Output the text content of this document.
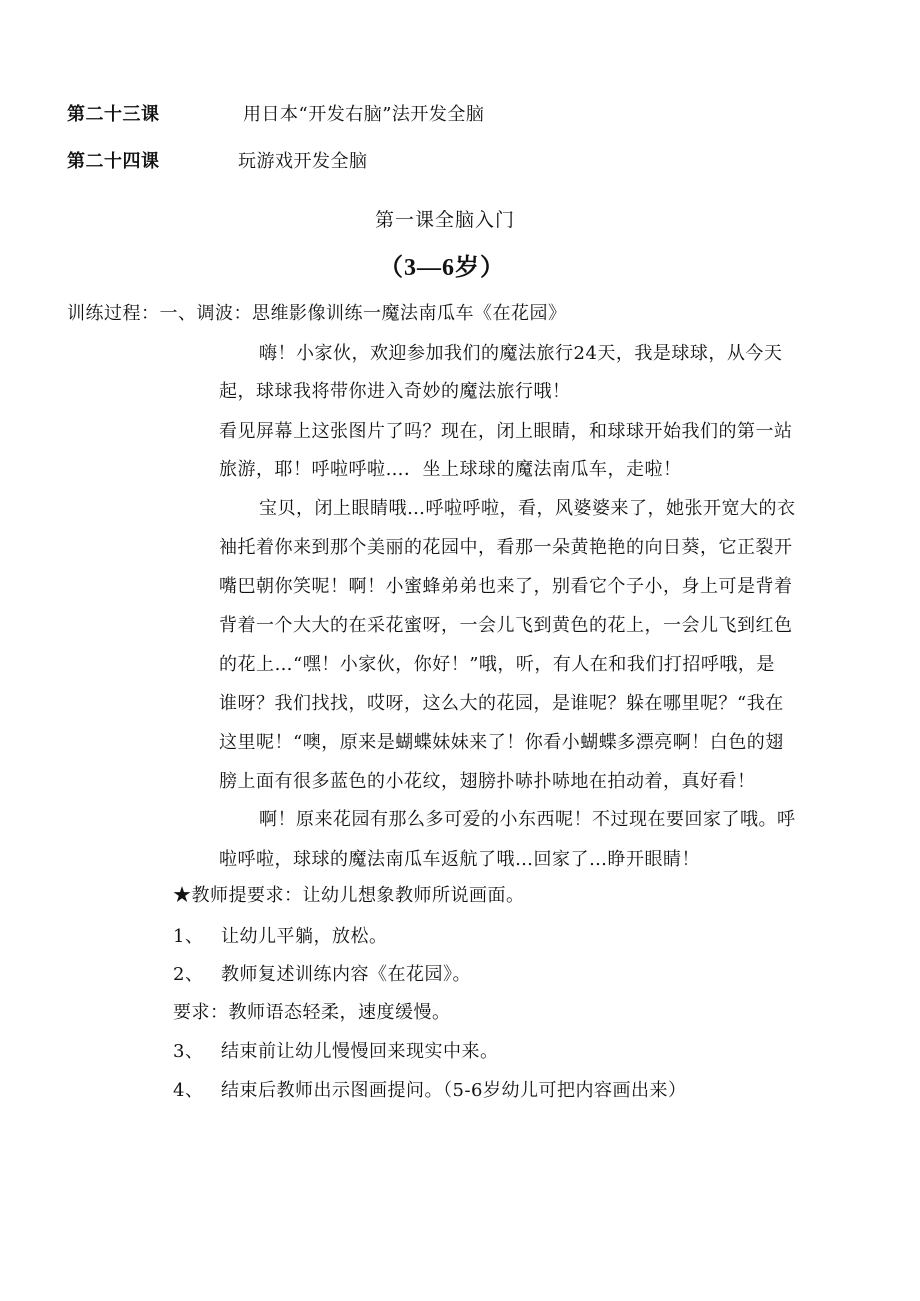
第二十三课	用日本“开发右脑”法开发全脑
第二十四课	玩游戏开发全脑
第一课全脑入门
（3—6岁）
训练过程：一、调波：思维影像训练一魔法南瓜车《在花园》
嗨！小家伙，欢迎参加我们的魔法旅行24天，我是球球，从今天
起，球球我将带你进入奇妙的魔法旅行哦！
看见屏幕上这张图片了吗？现在，闭上眼睛，和球球开始我们的第一站
旅游，耶！呼啦呼啦…．坐上球球的魔法南瓜车，走啦！
宝贝，闭上眼睛哦…呼啦呼啦，看，风婆婆来了，她张开宽大的衣
袖托着你来到那个美丽的花园中，看那一朵黄艳艳的向日葵，它正裂开
嘴巴朝你笑呢！啊！小蜜蜂弟弟也来了，别看它个子小，身上可是背着
背着一个大大的在采花蜜呀，一会儿飞到黄色的花上，一会儿飞到红色
的花上…“嘿！小家伙，你好！”哦，听，有人在和我们打招呼哦，是
谁呀？我们找找，哎呀，这么大的花园，是谁呢？躲在哪里呢？“我在
这里呢！“噢，原来是蝴蝶妹妹来了！你看小蝴蝶多漂亮啊！白色的翅
膀上面有很多蓝色的小花纹，翅膀扑哧扑哧地在拍动着，真好看！
啊！原来花园有那么多可爱的小东西呢！不过现在要回家了哦。呼
啦呼啦，球球的魔法南瓜车返航了哦…回家了…睁开眼睛！
★教师提要求：让幼儿想象教师所说画面。
1、 让幼儿平躺，放松。
2、 教师复述训练内容《在花园》。
要求：教师语态轻柔，速度缓慢。
3、 结束前让幼儿慢慢回来现实中来。
4、 结束后教师出示图画提问。（5-6岁幼儿可把内容画出来）
